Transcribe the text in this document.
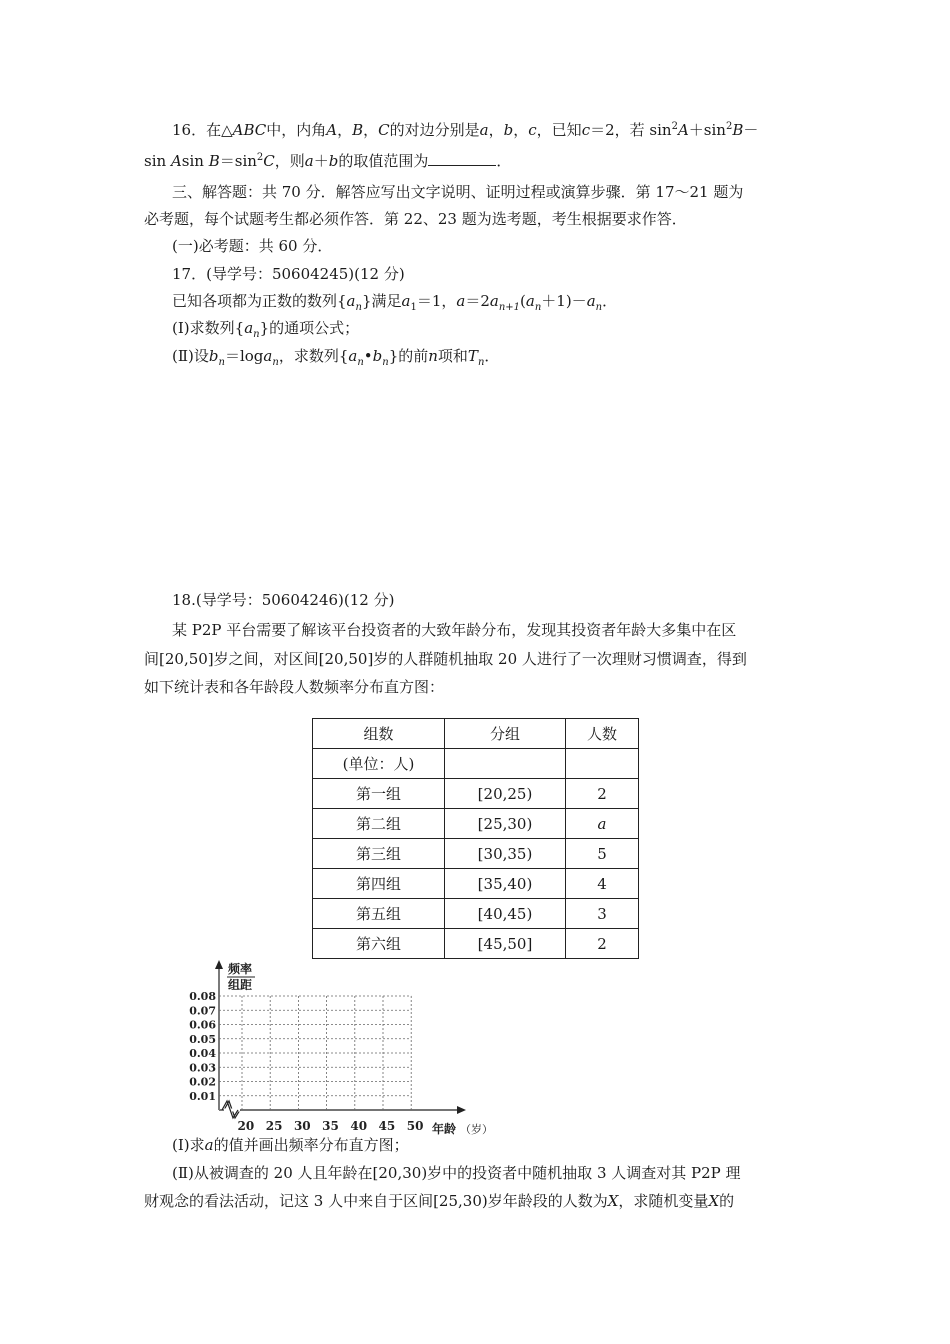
16．在△ABC中，内角A，B，C的对边分别是a，b，c，已知c＝2，若 $\sin^2A+\sin^2B-$
sin Asin $B=\sin^2C$，则a＋b的取值范围为	．
三、解答题：共 70 分．解答应写出文字说明、证明过程或演算步骤．第 17～21 题为
必考题，每个试题考生都必须作答．第 22、23 题为选考题，考生根据要求作答．
(一)必考题：共 60 分．
17．(导学号：50604245)(12 分)
已知各项都为正数的数列$\{a_n\}$满足$a_1=1$，$a=2a_{n+1}(a_n+1)-a_n$．
(Ⅰ)求数列$\{a_n\}$的通项公式；
(Ⅱ)设$b_n=\log a_n$，求数列$\{a_n•b_n\}$的前n项和$T_n$．
18.(导学号：50604246)(12 分)
某 P2P 平台需要了解该平台投资者的大致年龄分布，发现其投资者年龄大多集中在区
间[20,50]岁之间，对区间[20,50]岁的人群随机抽取 20 人进行了一次理财习惯调查，得到
如下统计表和各年龄段人数频率分布直方图：
组数	分组	人数
(单位：人)		
第一组	[20,25)	2
第二组	[25,30)	a
第三组	[30,35)	5
第四组	[35,40)	4
第五组	[40,45)	3
第六组	[45,50]	2
0.08
0.07
0.06
0.05
0.04
0.03
0.02
0.01
20 25 30 35 40 45 50
频率
组距
年龄 （岁）
(Ⅰ)求a的值并画出频率分布直方图；
(Ⅱ)从被调查的 20 人且年龄在[20,30)岁中的投资者中随机抽取 3 人调查对其 P2P 理
财观念的看法活动，记这 3 人中来自于区间[25,30)岁年龄段的人数为X，求随机变量X的
